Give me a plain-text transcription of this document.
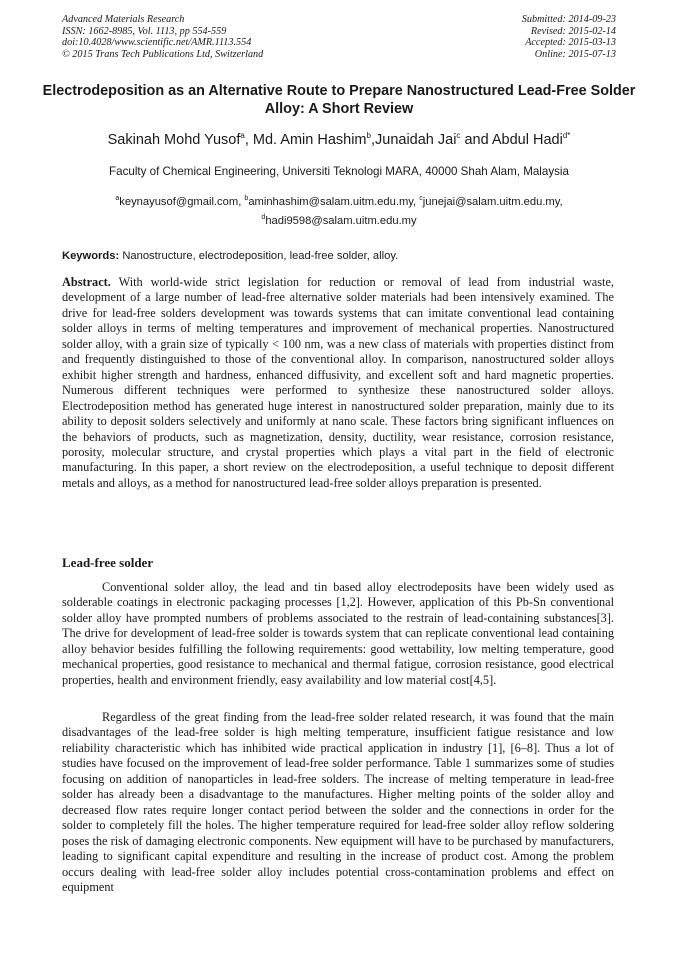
Advanced Materials Research
ISSN: 1662-8985, Vol. 1113, pp 554-559
doi:10.4028/www.scientific.net/AMR.1113.554
© 2015 Trans Tech Publications Ltd, Switzerland
Submitted: 2014-09-23
Revised: 2015-02-14
Accepted: 2015-03-13
Online: 2015-07-13
Electrodeposition as an Alternative Route to Prepare Nanostructured Lead-Free Solder Alloy: A Short Review
Sakinah Mohd Yusof$^a$, Md. Amin Hashim$^b$,Junaidah Jai$^c$ and Abdul Hadi$^{d*}$
Faculty of Chemical Engineering, Universiti Teknologi MARA, 40000 Shah Alam, Malaysia
$^a$keynayusof@gmail.com, $^b$aminhashim@salam.uitm.edu.my, $^c$junejai@salam.uitm.edu.my,
$^d$hadi9598@salam.uitm.edu.my
Keywords: Nanostructure, electrodeposition, lead-free solder, alloy.
Abstract. With world-wide strict legislation for reduction or removal of lead from industrial waste, development of a large number of lead-free alternative solder materials had been intensively examined. The drive for lead-free solders development was towards systems that can imitate conventional lead containing solder alloys in terms of melting temperatures and improvement of mechanical properties. Nanostructured solder alloy, with a grain size of typically < 100 nm, was a new class of materials with properties distinct from and frequently distinguished to those of the conventional alloy. In comparison, nanostructured solder alloys exhibit higher strength and hardness, enhanced diffusivity, and excellent soft and hard magnetic properties. Numerous different techniques were performed to synthesize these nanostructured solder alloys. Electrodeposition method has generated huge interest in nanostructured solder preparation, mainly due to its ability to deposit solders selectively and uniformly at nano scale. These factors bring significant influences on the behaviors of products, such as magnetization, density, ductility, wear resistance, corrosion resistance, porosity, molecular structure, and crystal properties which plays a vital part in the field of electronic manufacturing. In this paper, a short review on the electrodeposition, a useful technique to deposit different metals and alloys, as a method for nanostructured lead-free solder alloys preparation is presented.
Lead-free solder
Conventional solder alloy, the lead and tin based alloy electrodeposits have been widely used as solderable coatings in electronic packaging processes [1,2]. However, application of this Pb-Sn conventional solder alloy have prompted numbers of problems associated to the restrain of lead-containing substances[3]. The drive for development of lead-free solder is towards system that can replicate conventional lead containing alloy behavior besides fulfilling the following requirements: good wettability, low melting temperature, good mechanical properties, good resistance to mechanical and thermal fatigue, corrosion resistance, good electrical properties, health and environment friendly, easy availability and low material cost[4,5].
Regardless of the great finding from the lead-free solder related research, it was found that the main disadvantages of the lead-free solder is high melting temperature, insufficient fatigue resistance and low reliability characteristic which has inhibited wide practical application in industry [1], [6–8]. Thus a lot of studies have focused on the improvement of lead-free solder performance. Table 1 summarizes some of studies focusing on addition of nanoparticles in lead-free solders. The increase of melting temperature in lead-free solder has already been a disadvantage to the manufactures. Higher melting points of the solder alloy and decreased flow rates require longer contact period between the solder and the connections in order for the solder to completely fill the holes. The higher temperature required for lead-free solder alloy reflow soldering poses the risk of damaging electronic components. New equipment will have to be purchased by manufacturers, leading to significant capital expenditure and resulting in the increase of product cost. Among the problem occurs dealing with lead-free solder alloy includes potential cross-contamination problems and effect on equipment
